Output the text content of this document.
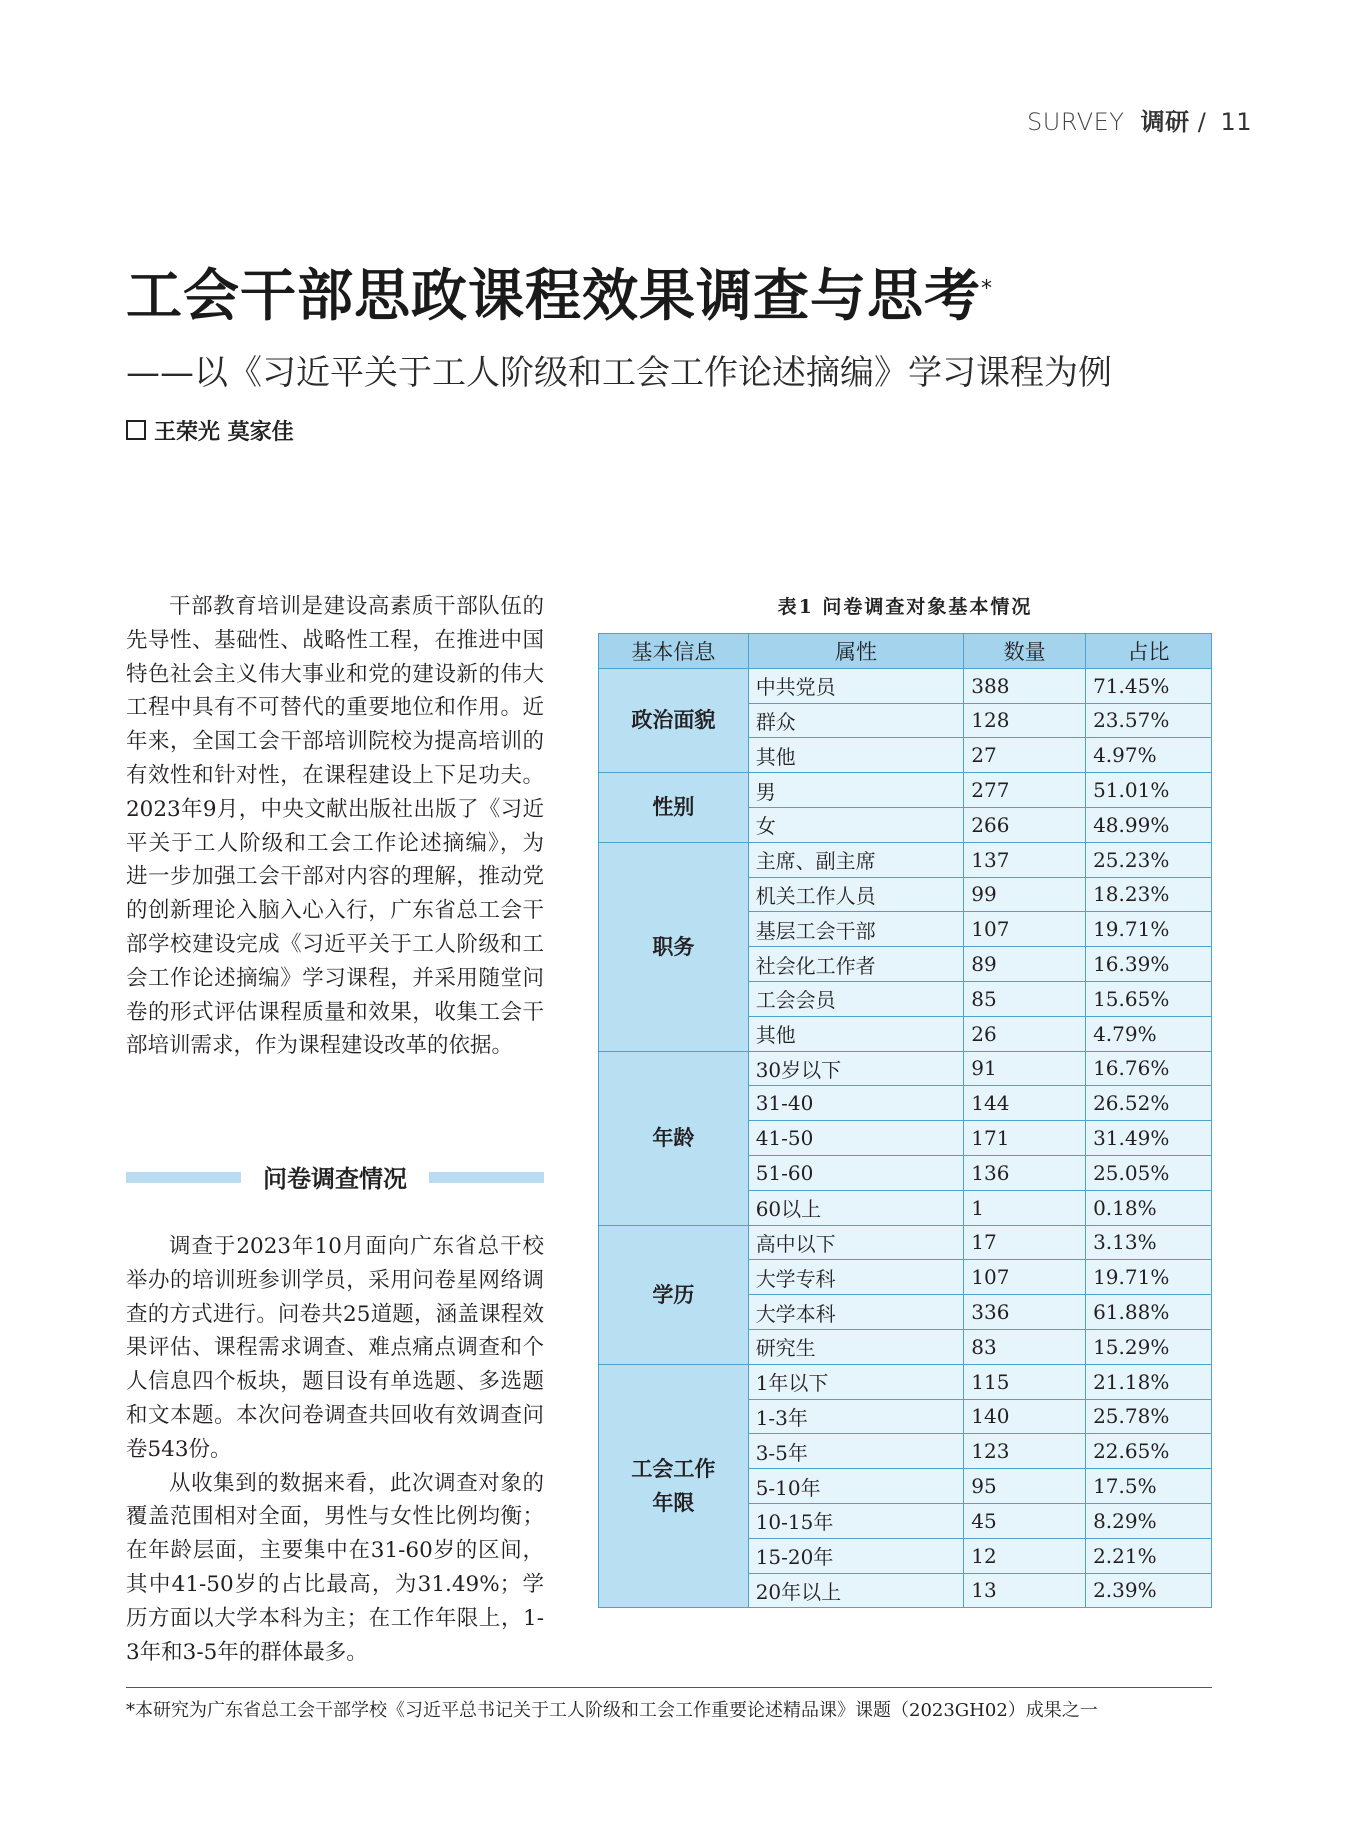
SURVEY 调研 / 11
工会干部思政课程效果调查与思考*
——以《习近平关于工人阶级和工会工作论述摘编》学习课程为例
王荣光 莫家佳

干部教育培训是建设高素质干部队伍的先导性、基础性、战略性工程，在推进中国特色社会主义伟大事业和党的建设新的伟大工程中具有不可替代的重要地位和作用。近年来，全国工会干部培训院校为提高培训的有效性和针对性，在课程建设上下足功夫。2023年9月，中央文献出版社出版了《习近平关于工人阶级和工会工作论述摘编》，为进一步加强工会干部对内容的理解，推动党的创新理论入脑入心入行，广东省总工会干部学校建设完成《习近平关于工人阶级和工会工作论述摘编》学习课程，并采用随堂问卷的形式评估课程质量和效果，收集工会干部培训需求，作为课程建设改革的依据。

问卷调查情况

调查于2023年10月面向广东省总干校举办的培训班参训学员，采用问卷星网络调查的方式进行。问卷共25道题，涵盖课程效果评估、课程需求调查、难点痛点调查和个人信息四个板块，题目设有单选题、多选题和文本题。本次问卷调查共回收有效调查问卷543份。

从收集到的数据来看，此次调查对象的覆盖范围相对全面，男性与女性比例均衡；在年龄层面，主要集中在31-60岁的区间，其中41-50岁的占比最高，为31.49%；学历方面以大学本科为主；在工作年限上，1-3年和3-5年的群体最多。

表1 问卷调查对象基本情况
基本信息	属性	数量	占比
政治面貌	中共党员	388	71.45%
	群众	128	23.57%
	其他	27	4.97%
性别	男	277	51.01%
	女	266	48.99%
职务	主席、副主席	137	25.23%
	机关工作人员	99	18.23%
	基层工会干部	107	19.71%
	社会化工作者	89	16.39%
	工会会员	85	15.65%
	其他	26	4.79%
年龄	30岁以下	91	16.76%
	31-40	144	26.52%
	41-50	171	31.49%
	51-60	136	25.05%
	60以上	1	0.18%
学历	高中以下	17	3.13%
	大学专科	107	19.71%
	大学本科	336	61.88%
	研究生	83	15.29%

工会工作
年限	1年以下	115	21.18%
	1-3年	140	25.78%
	3-5年	123	22.65%
	5-10年	95	17.5%
	10-15年	45	8.29%
	15-20年	12	2.21%
	20年以上	13	2.39%
*本研究为广东省总工会干部学校《习近平总书记关于工人阶级和工会工作重要论述精品课》课题（2023GH02）成果之一
